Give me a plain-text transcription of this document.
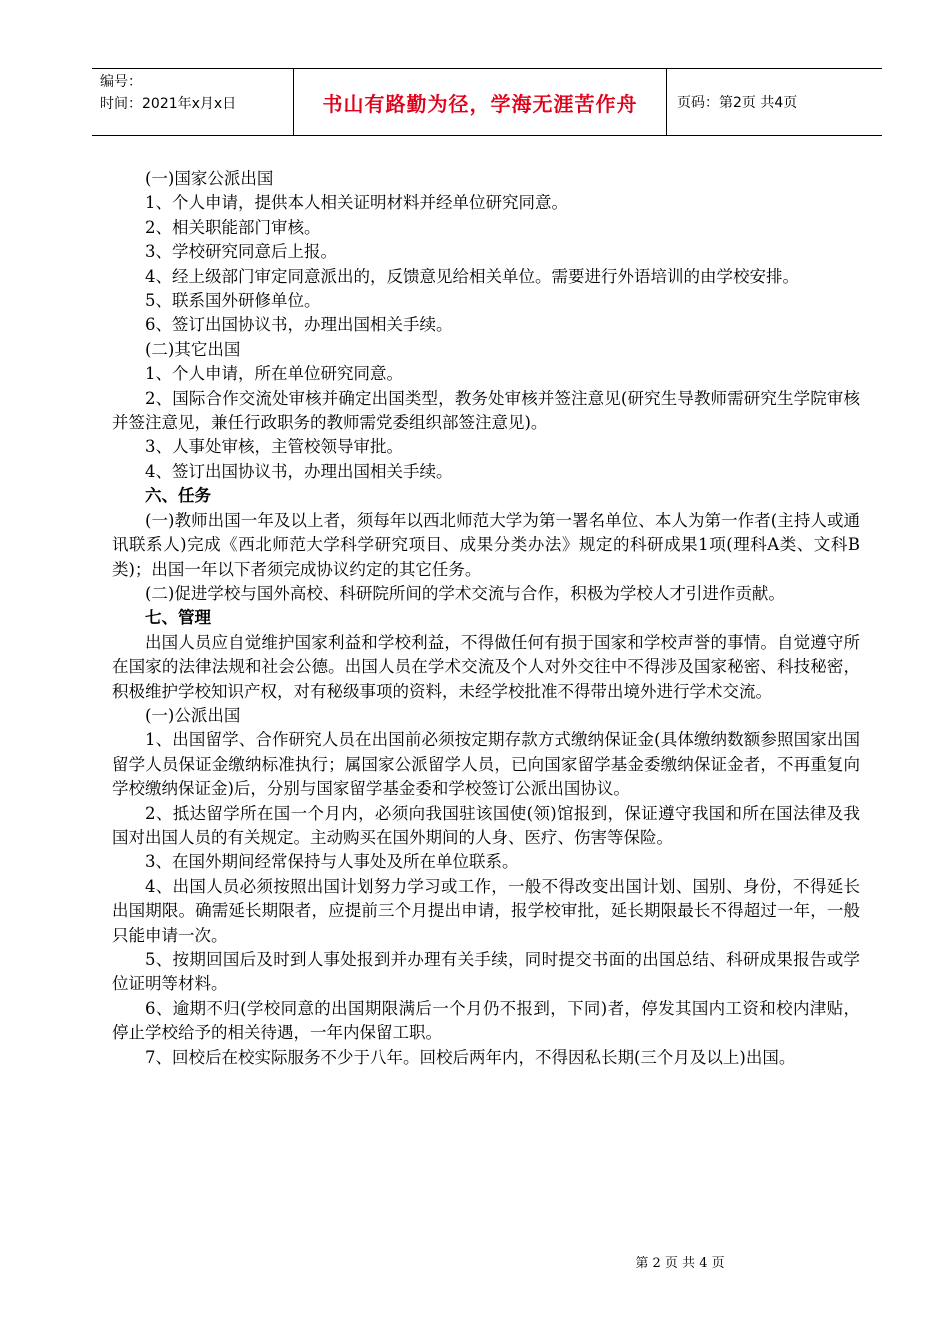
编号：
时间：2021年x月x日	书山有路勤为径，学海无涯苦作舟	页码：第2页 共4页

(一)国家公派出国

1、个人申请，提供本人相关证明材料并经单位研究同意。

2、相关职能部门审核。

3、学校研究同意后上报。

4、经上级部门审定同意派出的，反馈意见给相关单位。需要进行外语培训的由学校安排。

5、联系国外研修单位。

6、签订出国协议书，办理出国相关手续。

(二)其它出国

1、个人申请，所在单位研究同意。

2、国际合作交流处审核并确定出国类型，教务处审核并签注意见(研究生导教师需研究生学院审核并签注意见，兼任行政职务的教师需党委组织部签注意见)。

3、人事处审核，主管校领导审批。

4、签订出国协议书，办理出国相关手续。

六、任务

(一)教师出国一年及以上者，须每年以西北师范大学为第一署名单位、本人为第一作者(主持人或通讯联系人)完成《西北师范大学科学研究项目、成果分类办法》规定的科研成果1项(理科A类、文科B类)；出国一年以下者须完成协议约定的其它任务。

(二)促进学校与国外高校、科研院所间的学术交流与合作，积极为学校人才引进作贡献。

七、管理

出国人员应自觉维护国家利益和学校利益，不得做任何有损于国家和学校声誉的事情。自觉遵守所在国家的法律法规和社会公德。出国人员在学术交流及个人对外交往中不得涉及国家秘密、科技秘密，积极维护学校知识产权，对有秘级事项的资料，未经学校批准不得带出境外进行学术交流。

(一)公派出国

1、出国留学、合作研究人员在出国前必须按定期存款方式缴纳保证金(具体缴纳数额参照国家出国留学人员保证金缴纳标准执行；属国家公派留学人员，已向国家留学基金委缴纳保证金者，不再重复向学校缴纳保证金)后，分别与国家留学基金委和学校签订公派出国协议。

2、抵达留学所在国一个月内，必须向我国驻该国使(领)馆报到，保证遵守我国和所在国法律及我国对出国人员的有关规定。主动购买在国外期间的人身、医疗、伤害等保险。

3、在国外期间经常保持与人事处及所在单位联系。

4、出国人员必须按照出国计划努力学习或工作，一般不得改变出国计划、国别、身份，不得延长出国期限。确需延长期限者，应提前三个月提出申请，报学校审批，延长期限最长不得超过一年，一般只能申请一次。

5、按期回国后及时到人事处报到并办理有关手续，同时提交书面的出国总结、科研成果报告或学位证明等材料。

6、逾期不归(学校同意的出国期限满后一个月仍不报到，下同)者，停发其国内工资和校内津贴，停止学校给予的相关待遇，一年内保留工职。

7、回校后在校实际服务不少于八年。回校后两年内，不得因私长期(三个月及以上)出国。

第 2 页 共 4 页
